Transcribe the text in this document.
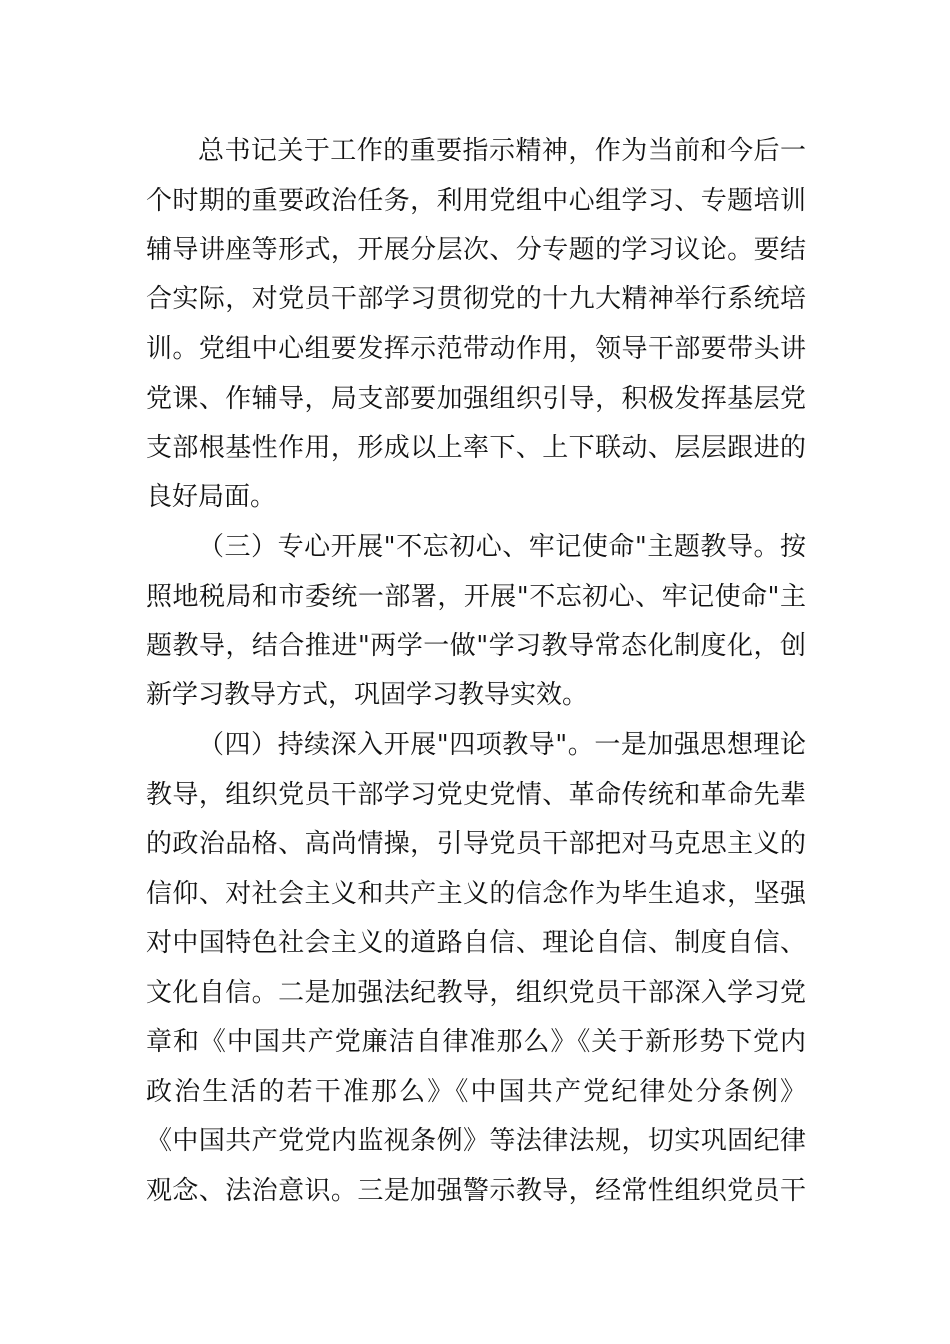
总书记关于工作的重要指示精神，作为当前和今后一
个时期的重要政治任务，利用党组中心组学习、专题培训
辅导讲座等形式，开展分层次、分专题的学习议论。要结
合实际，对党员干部学习贯彻党的十九大精神举行系统培
训。党组中心组要发挥示范带动作用，领导干部要带头讲
党课、作辅导，局支部要加强组织引导，积极发挥基层党
支部根基性作用，形成以上率下、上下联动、层层跟进的
良好局面。
（三）专心开展"不忘初心、牢记使命"主题教导。按
照地税局和市委统一部署，开展"不忘初心、牢记使命"主
题教导，结合推进"两学一做"学习教导常态化制度化，创
新学习教导方式，巩固学习教导实效。
（四）持续深入开展"四项教导"。一是加强思想理论
教导，组织党员干部学习党史党情、革命传统和革命先辈
的政治品格、高尚情操，引导党员干部把对马克思主义的
信仰、对社会主义和共产主义的信念作为毕生追求，坚强
对中国特色社会主义的道路自信、理论自信、制度自信、
文化自信。二是加强法纪教导，组织党员干部深入学习党
章和《中国共产党廉洁自律准那么》《关于新形势下党内
政治生活的若干准那么》《中国共产党纪律处分条例》
《中国共产党党内监视条例》等法律法规，切实巩固纪律
观念、法治意识。三是加强警示教导，经常性组织党员干
